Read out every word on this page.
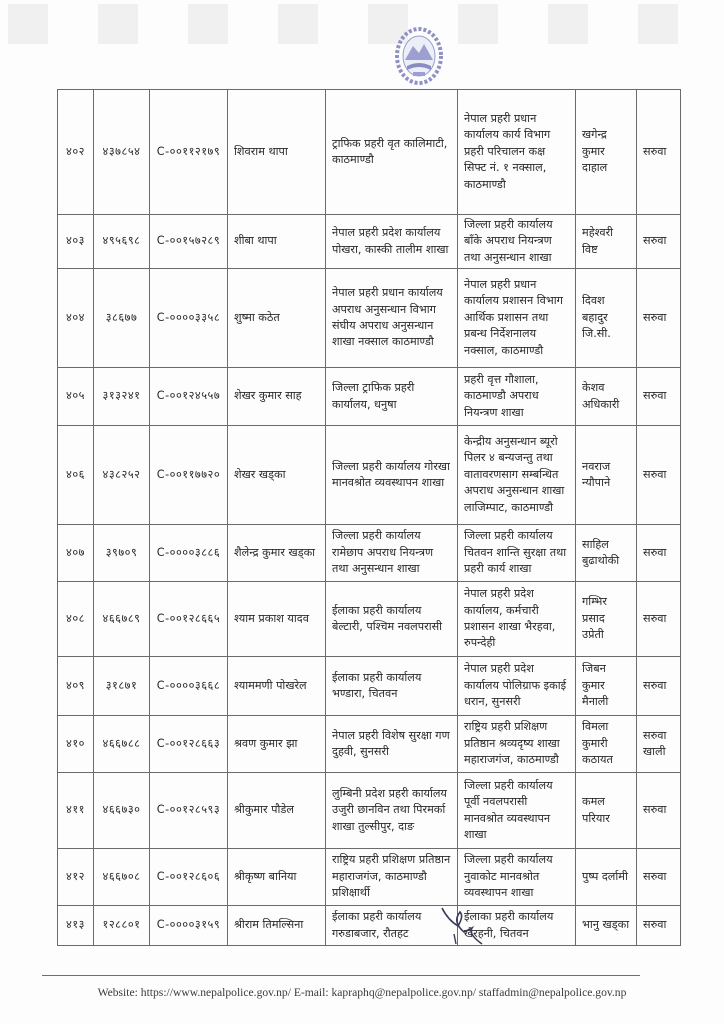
४०२	४३७८५४	C-००११२१७९	शिवराम थापा	ट्राफिक प्रहरी वृत कालिमाटी, काठमाण्डौ	नेपाल प्रहरी प्रधान कार्यालय कार्य विभाग प्रहरी परिचालन कक्ष सिफ्ट नं. १ नक्साल, काठमाण्डौ	खगेन्द्र कुमार दाहाल	सरुवा
४०३	४९५६९८	C-००१५७२८९	शीबा थापा	नेपाल प्रहरी प्रदेश कार्यालय पोखरा, कास्की तालीम शाखा	जिल्ला प्रहरी कार्यालय बाँके अपराध नियन्त्रण तथा अनुसन्धान शाखा	महेश्वरी विष्ट	सरुवा
४०४	३८६७७	C-००००३३५८	शुष्मा कठेत	नेपाल प्रहरी प्रधान कार्यालय अपराध अनुसन्धान विभाग संघीय अपराध अनुसन्धान शाखा नक्साल काठमाण्डौ	नेपाल प्रहरी प्रधान कार्यालय प्रशासन विभाग आर्थिक प्रशासन तथा प्रबन्ध निर्देशनालय नक्साल, काठमाण्डौ	दिवश बहादुर जि.सी.	सरुवा
४०५	३१३२४१	C-००१२४५५७	शेखर कुमार साह	जिल्ला ट्राफिक प्रहरी कार्यालय, धनुषा	प्रहरी वृत्त गौशाला, काठमाण्डौ अपराध नियन्त्रण शाखा	केशव अधिकारी	सरुवा
४०६	४३८२५२	C-००११७७२०	शेखर खड्का	जिल्ला प्रहरी कार्यालय गोरखा मानवश्रोत व्यवस्थापन शाखा	केन्द्रीय अनुसन्धान ब्यूरो पिलर ४ बन्यजन्तु तथा वातावरणसाग सम्बन्धित अपराध अनुसन्धान शाखा लाजिम्पाट, काठमाण्डौ	नवराज न्यौपाने	सरुवा
४०७	३९७०९	C-००००३८८६	शैलेन्द्र कुमार खड्का	जिल्ला प्रहरी कार्यालय रामेछाप अपराध नियन्त्रण तथा अनुसन्धान शाखा	जिल्ला प्रहरी कार्यालय चितवन शान्ति सुरक्षा तथा प्रहरी कार्य शाखा	साहिल बुढाथोकी	सरुवा
४०८	४६६७८९	C-००१२८६६५	श्याम प्रकाश यादव	ईलाका प्रहरी कार्यालय बेल्टारी, पश्चिम नवलपरासी	नेपाल प्रहरी प्रदेश कार्यालय, कर्मचारी प्रशासन शाखा भैरहवा, रुपन्देही	गम्भिर प्रसाद उप्रेती	सरुवा
४०९	३१८७१	C-००००३६६८	श्याममणी पोखरेल	ईलाका प्रहरी कार्यालय भण्डारा, चितवन	नेपाल प्रहरी प्रदेश कार्यालय पोलिग्राफ इकाई धरान, सुनसरी	जिबन कुमार मैनाली	सरुवा
४१०	४६६७८८	C-००१२८६६३	श्रवण कुमार झा	नेपाल प्रहरी विशेष सुरक्षा गण दुहवी, सुनसरी	राष्ट्रिय प्रहरी प्रशिक्षण प्रतिष्ठान श्रव्यदृष्य शाखा महाराजगंज, काठमाण्डौ	विमला कुमारी कठायत	सरुवा खाली
४११	४६६७३०	C-००१२८५९३	श्रीकुमार पौडेल	लुम्बिनी प्रदेश प्रहरी कार्यालय उजुरी छानविन तथा पिरमर्का शाखा तुल्सीपुर, दाङ	जिल्ला प्रहरी कार्यालय पूर्वी नवलपरासी मानवश्रोत व्यवस्थापन शाखा	कमल परियार	सरुवा
४१२	४६६७०८	C-००१२८६०६	श्रीकृष्ण बानिया	राष्ट्रिय प्रहरी प्रशिक्षण प्रतिष्ठान महाराजगंज, काठमाण्डौ प्रशिक्षार्थी	जिल्ला प्रहरी कार्यालय नुवाकोट मानवश्रोत व्यवस्थापन शाखा	पुष्प दर्लामी	सरुवा
४१३	१२८८०१	C-००००३१५९	श्रीराम तिमल्सिना	ईलाका प्रहरी कार्यालय गरुडाबजार, रौतहट	ईलाका प्रहरी कार्यालय खैरहनी, चितवन	भानु खड्का	सरुवा
Website: https://www.nepalpolice.gov.np/ E-mail: kapraphq@nepalpolice.gov.np/ staffadmin@nepalpolice.gov.np
